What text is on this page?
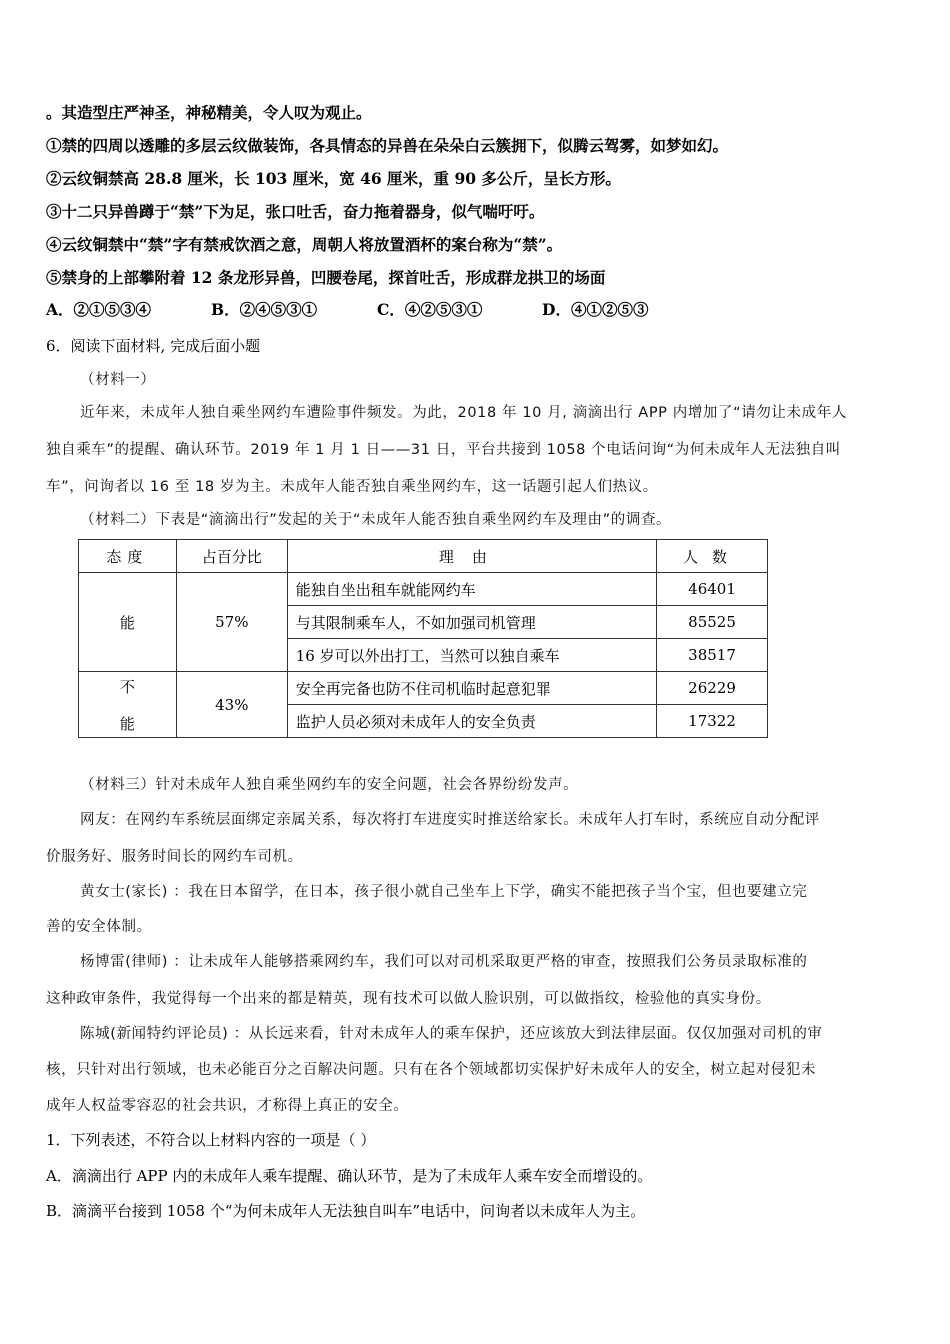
。其造型庄严神圣，神秘精美，令人叹为观止。
①禁的四周以透雕的多层云纹做装饰，各具情态的异兽在朵朵白云簇拥下，似腾云驾雾，如梦如幻。
②云纹铜禁高 28.8 厘米，长 103 厘米，宽 46 厘米，重 90 多公斤，呈长方形。
③十二只异兽蹲于“禁”下为足，张口吐舌，奋力拖着器身，似气喘吁吁。
④云纹铜禁中“禁”字有禁戒饮酒之意，周朝人将放置酒杯的案台称为“禁”。
⑤禁身的上部攀附着 12 条龙形异兽，凹腰卷尾，探首吐舌，形成群龙拱卫的场面
A．②①⑤③④	B．②④⑤③①	C．④②⑤③①	D．④①②⑤③
6．阅读下面材料, 完成后面小题
（材料一）
近年来，未成年人独自乘坐网约车遭险事件频发。为此，2018 年 10 月, 滴滴出行 APP 内增加了“请勿让未成年人
独自乘车”的提醒、确认环节。2019 年 1 月 1 日——31 日，平台共接到 1058 个电话问询“为何未成年人无法独自叫
车”，问询者以 16 至 18 岁为主。未成年人能否独自乘坐网约车，这一话题引起人们热议。
（材料二）下表是“滴滴出行”发起的关于“未成年人能否独自乘坐网约车及理由”的调查。
态度	占百分比	理由	人数
能	57%	能独自坐出租车就能网约车	46401
		与其限制乘车人，不如加强司机管理	85525
		16 岁可以外出打工，当然可以独自乘车	38517

不
能	43%	安全再完备也防不住司机临时起意犯罪	26229
		监护人员必须对未成年人的安全负责	17322
（材料三）针对未成年人独自乘坐网约车的安全问题，社会各界纷纷发声。
网友：在网约车系统层面绑定亲属关系，每次将打车进度实时推送给家长。未成年人打车时，系统应自动分配评
价服务好、服务时间长的网约车司机。
黄女士(家长) ：我在日本留学，在日本，孩子很小就自己坐车上下学，确实不能把孩子当个宝，但也要建立完
善的安全体制。
杨博雷(律师) ：让未成年人能够搭乘网约车，我们可以对司机采取更严格的审查，按照我们公务员录取标准的
这种政审条件，我觉得每一个出来的都是精英，现有技术可以做人脸识别，可以做指纹，检验他的真实身份。
陈城(新闻特约评论员) ：从长远来看，针对未成年人的乘车保护，还应该放大到法律层面。仅仅加强对司机的审
核，只针对出行领域，也未必能百分之百解决问题。只有在各个领域都切实保护好未成年人的安全，树立起对侵犯未
成年人权益零容忍的社会共识，才称得上真正的安全。
1．下列表述，不符合以上材料内容的一项是（ ）
A．滴滴出行 APP 内的未成年人乘车提醒、确认环节，是为了未成年人乘车安全而增设的。
B．滴滴平台接到 1058 个“为何未成年人无法独自叫车”电话中，问询者以未成年人为主。
